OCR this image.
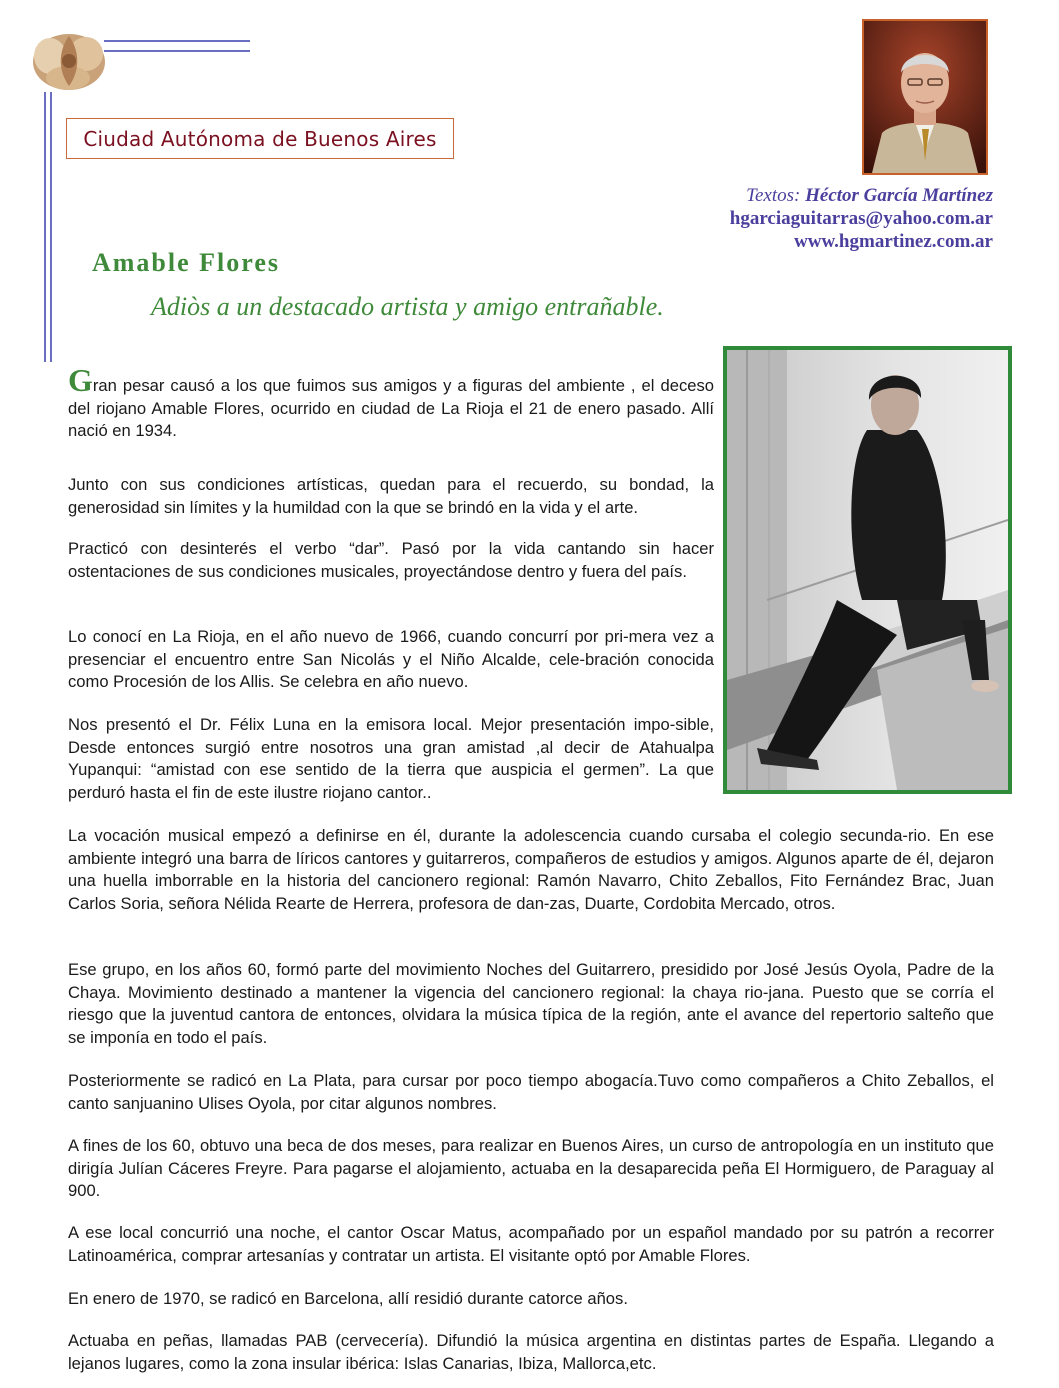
Ciudad Autónoma de Buenos Aires
Textos: Héctor García Martínez
hgarciaguitarras@yahoo.com.ar
www.hgmartinez.com.ar
Amable Flores
Adiòs a un destacado artista y amigo entrañable.

Gran pesar causó a los que fuimos sus amigos y a figuras del ambiente , el deceso del riojano Amable Flores, ocurrido en ciudad de La Rioja el 21 de enero pasado. Allí nació en 1934.

Junto con sus condiciones artísticas, quedan para el recuerdo, su bondad, la generosidad sin límites y la humildad con la que se brindó en la vida y el arte.

Practicó con desinterés el verbo “dar”. Pasó por la vida cantando sin hacer ostentaciones de sus condiciones musicales, proyectándose dentro y fuera del país.

Lo conocí en La Rioja, en el año nuevo de 1966, cuando concurrí por pri-mera vez a presenciar el encuentro entre San Nicolás y el Niño Alcalde, cele-bración conocida como Procesión de los Allis. Se celebra en año nuevo.

Nos presentó el Dr. Félix Luna en la emisora local. Mejor presentación impo-sible, Desde entonces surgió entre nosotros una gran amistad ,al decir de Atahualpa Yupanqui: “amistad con ese sentido de la tierra que auspicia el germen”. La que perduró hasta el fin de este ilustre riojano cantor..

La vocación musical empezó a definirse en él, durante la adolescencia cuando cursaba el colegio secunda-rio. En ese ambiente integró una barra de líricos cantores y guitarreros, compañeros de estudios y amigos. Algunos aparte de él, dejaron una huella imborrable en la historia del cancionero regional: Ramón Navarro, Chito Zeballos, Fito Fernández Brac, Juan Carlos Soria, señora Nélida Rearte de Herrera, profesora de dan-zas, Duarte, Cordobita Mercado, otros.

Ese grupo, en los años 60, formó parte del movimiento Noches del Guitarrero, presidido por José Jesús Oyola, Padre de la Chaya. Movimiento destinado a mantener la vigencia del cancionero regional: la chaya rio-jana. Puesto que se corría el riesgo que la juventud cantora de entonces, olvidara la música típica de la región, ante el avance del repertorio salteño que se imponía en todo el país.

Posteriormente se radicó en La Plata, para cursar por poco tiempo abogacía.Tuvo como compañeros a Chito Zeballos, el canto sanjuanino Ulises Oyola, por citar algunos nombres.

A fines de los 60, obtuvo una beca de dos meses, para realizar en Buenos Aires, un curso de antropología en un instituto que dirigía Julían Cáceres Freyre. Para pagarse el alojamiento, actuaba en la desaparecida peña El Hormiguero, de Paraguay al 900.

A ese local concurrió una noche, el cantor Oscar Matus, acompañado por un español mandado por su patrón a recorrer Latinoamérica, comprar artesanías y contratar un artista. El visitante optó por Amable Flores.

En enero de 1970, se radicó en Barcelona, allí residió durante catorce años.

Actuaba en peñas, llamadas PAB (cervecería). Difundió la música argentina en distintas partes de España. Llegando a lejanos lugares, como la zona insular ibérica: Islas Canarias, Ibiza, Mallorca,etc.
